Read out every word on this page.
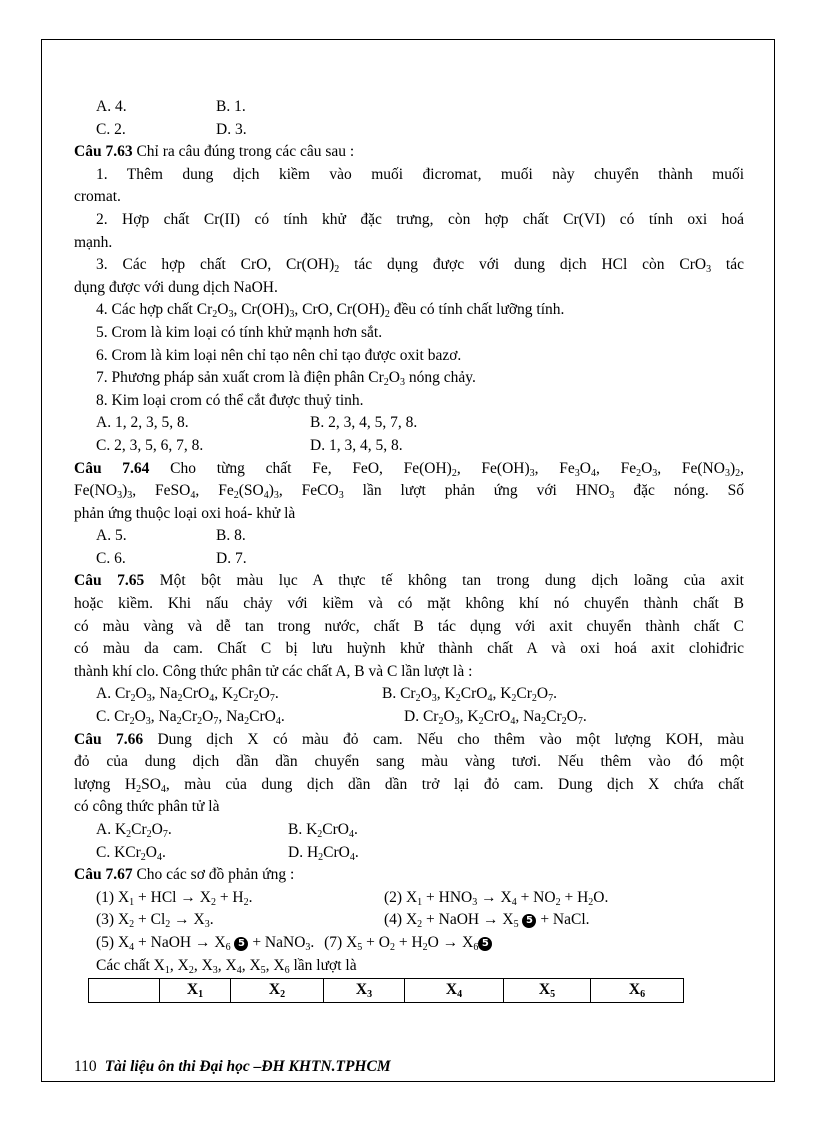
A. 4.	B. 1.
C. 2.	D. 3.
Câu 7.63 Chỉ ra câu đúng trong các câu sau :
1. Thêm dung dịch kiềm vào muối đicromat, muối này chuyển thành muối
cromat.
2. Hợp chất Cr(II) có tính khử đặc trưng, còn hợp chất Cr(VI) có tính oxi hoá
mạnh.
3. Các hợp chất CrO, $Cr(OH)_2$ tác dụng được với dung dịch HCl còn CrO$_3$ tác
dụng được với dung dịch NaOH.
4. Các hợp chất $Cr_2O_3$, $Cr(OH)_3$, CrO, $Cr(OH)_2$ đều có tính chất lưỡng tính.
5. Crom là kim loại có tính khử mạnh hơn sắt.
6. Crom là kim loại nên chỉ tạo nên chỉ tạo được oxit bazơ.
7. Phương pháp sản xuất crom là điện phân $Cr_2O_3$ nóng chảy.
8. Kim loại crom có thể cắt được thuỷ tinh.
A. 1, 2, 3, 5, 8.	B. 2, 3, 4, 5, 7, 8.
C. 2, 3, 5, 6, 7, 8.	D. 1, 3, 4, 5, 8.
Câu 7.64 Cho từng chất Fe, FeO, $Fe(OH)_2$, $Fe(OH)_3$, $Fe_3O_4$, $Fe_2O_3$, $Fe(NO_3)_2$,
$Fe(NO_3)_3$, FeSO$_4$, $Fe_2(SO_4)_3$, FeCO$_3$ lần lượt phản ứng với $HNO_3$ đặc nóng. Số
phản ứng thuộc loại oxi hoá- khử là
A. 5.	B. 8.
C. 6.	D. 7.
Câu 7.65 Một bột màu lục A thực tế không tan trong dung dịch loãng của axit
hoặc kiềm. Khi nấu chảy với kiềm và có mặt không khí nó chuyển thành chất B
có màu vàng và dễ tan trong nước, chất B tác dụng với axit chuyển thành chất C
có màu da cam. Chất C bị lưu huỳnh khử thành chất A và oxi hoá axit clohiđric
thành khí clo. Công thức phân tử các chất A, B và C lần lượt là :
A. $Cr_2O_3$, $Na_2CrO_4$, $K_2Cr_2O_7$.	B. $Cr_2O_3$, $K_2CrO_4$, $K_2Cr_2O_7$.
C. $Cr_2O_3$, $Na_2Cr_2O_7$, $Na_2CrO_4$.	D. $Cr_2O_3$, $K_2CrO_4$, $Na_2Cr_2O_7$.
Câu 7.66 Dung dịch X có màu đỏ cam. Nếu cho thêm vào một lượng KOH, màu
đỏ của dung dịch dần dần chuyển sang màu vàng tươi. Nếu thêm vào đó một
lượng $H_2SO_4$, màu của dung dịch dần dần trở lại đỏ cam. Dung dịch X chứa chất
có công thức phân tử là
A. $K_2Cr_2O_7$.	B. $K_2CrO_4$.
C. $KCr_2O_4$.	D. $H_2CrO_4$.
Câu 7.67 Cho các sơ đồ phản ứng :
(1) $X_1$ + HCl → $X_2 + H_2$.	(2) $X_1 + HNO_3 \to X_4 + NO_2 + H_2O$.
(3) $X_2 + Cl_2 \to X_3$.	(4) $X_2$ + NaOH → $X_5$ 5 + NaCl.
(5) $X_4$ + NaOH → $X_6$ 5 + NaNO$_3$. (7) $X_5 + O_2 + H_2O \to X_6$ 5
Các chất $X_1$, $X_2$, $X_3$, $X_4$, $X_5$, $X_6$ lần lượt là
	$X_1$	$X_2$	$X_3$	$X_4$	$X_5$	$X_6$
110 Tài liệu ôn thi Đại học –ĐH KHTN.TPHCM
